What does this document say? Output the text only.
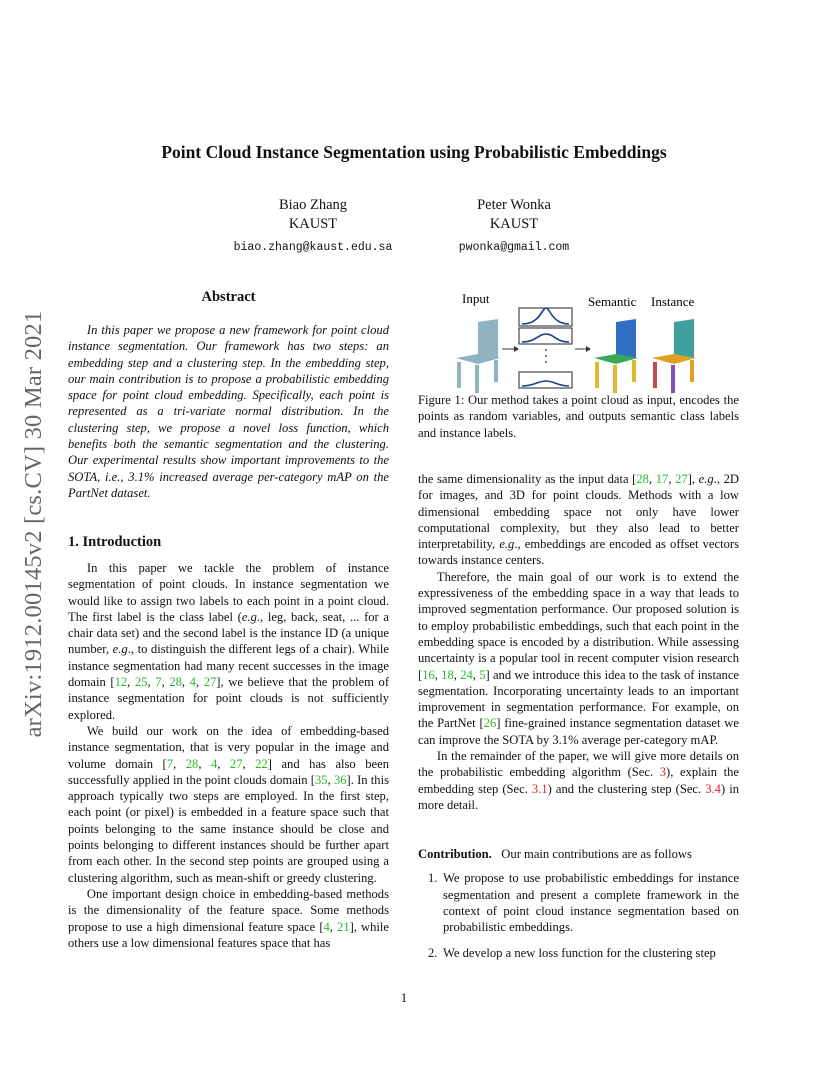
Point Cloud Instance Segmentation using Probabilistic Embeddings
Biao Zhang
KAUST
biao.zhang@kaust.edu.sa
Peter Wonka
KAUST
pwonka@gmail.com
arXiv:1912.00145v2 [cs.CV] 30 Mar 2021
Abstract

In this paper we propose a new framework for point cloud instance segmentation. Our framework has two steps: an embedding step and a clustering step. In the embedding step, our main contribution is to propose a probabilistic embedding space for point cloud embedding. Specifically, each point is represented as a tri-variate normal distribution. In the clustering step, we propose a novel loss function, which benefits both the semantic segmentation and the clustering. Our experimental results show important improvements to the SOTA, i.e., 3.1% increased average per-category mAP on the PartNet dataset.

1. Introduction

In this paper we tackle the problem of instance segmentation of point clouds. In instance segmentation we would like to assign two labels to each point in a point cloud. The first label is the class label (e.g., leg, back, seat, ... for a chair data set) and the second label is the instance ID (a unique number, e.g., to distinguish the different legs of a chair). While instance segmentation had many recent successes in the image domain [12, 25, 7, 28, 4, 27], we believe that the problem of instance segmentation for point clouds is not sufficiently explored.

We build our work on the idea of embedding-based instance segmentation, that is very popular in the image and volume domain [7, 28, 4, 27, 22] and has also been successfully applied in the point clouds domain [35, 36]. In this approach typically two steps are employed. In the first step, each point (or pixel) is embedded in a feature space such that points belonging to the same instance should be close and points belonging to different instances should be further apart from each other. In the second step points are grouped using a clustering algorithm, such as mean-shift or greedy clustering.

One important design choice in embedding-based methods is the dimensionality of the feature space. Some methods propose to use a high dimensional feature space [4, 21], while others use a low dimensional features space that has

Input	Semantic Instance
Figure 1: Our method takes a point cloud as input, encodes the points as random variables, and outputs semantic class labels and instance labels.

the same dimensionality as the input data [28, 17, 27], e.g., 2D for images, and 3D for point clouds. Methods with a low dimensional embedding space not only have lower computational complexity, but they also lead to better interpretability, e.g., embeddings are encoded as offset vectors towards instance centers.

Therefore, the main goal of our work is to extend the expressiveness of the embedding space in a way that leads to improved segmentation performance. Our proposed solution is to employ probabilistic embeddings, such that each point in the embedding space is encoded by a distribution. While assessing uncertainty is a popular tool in recent computer vision research [16, 18, 24, 5] and we introduce this idea to the task of instance segmentation. Incorporating uncertainty leads to an important improvement in segmentation performance. For example, on the PartNet [26] fine-grained instance segmentation dataset we can improve the SOTA by 3.1% average per-category mAP.

In the remainder of the paper, we will give more details on the probabilistic embedding algorithm (Sec. 3), explain the embedding step (Sec. 3.1) and the clustering step (Sec. 3.4) in more detail.

Contribution. Our main contributions are as follows

1. We propose to use probabilistic embeddings for instance segmentation and present a complete framework in the context of point cloud instance segmentation based on probabilistic embeddings.
2. We develop a new loss function for the clustering step
1
